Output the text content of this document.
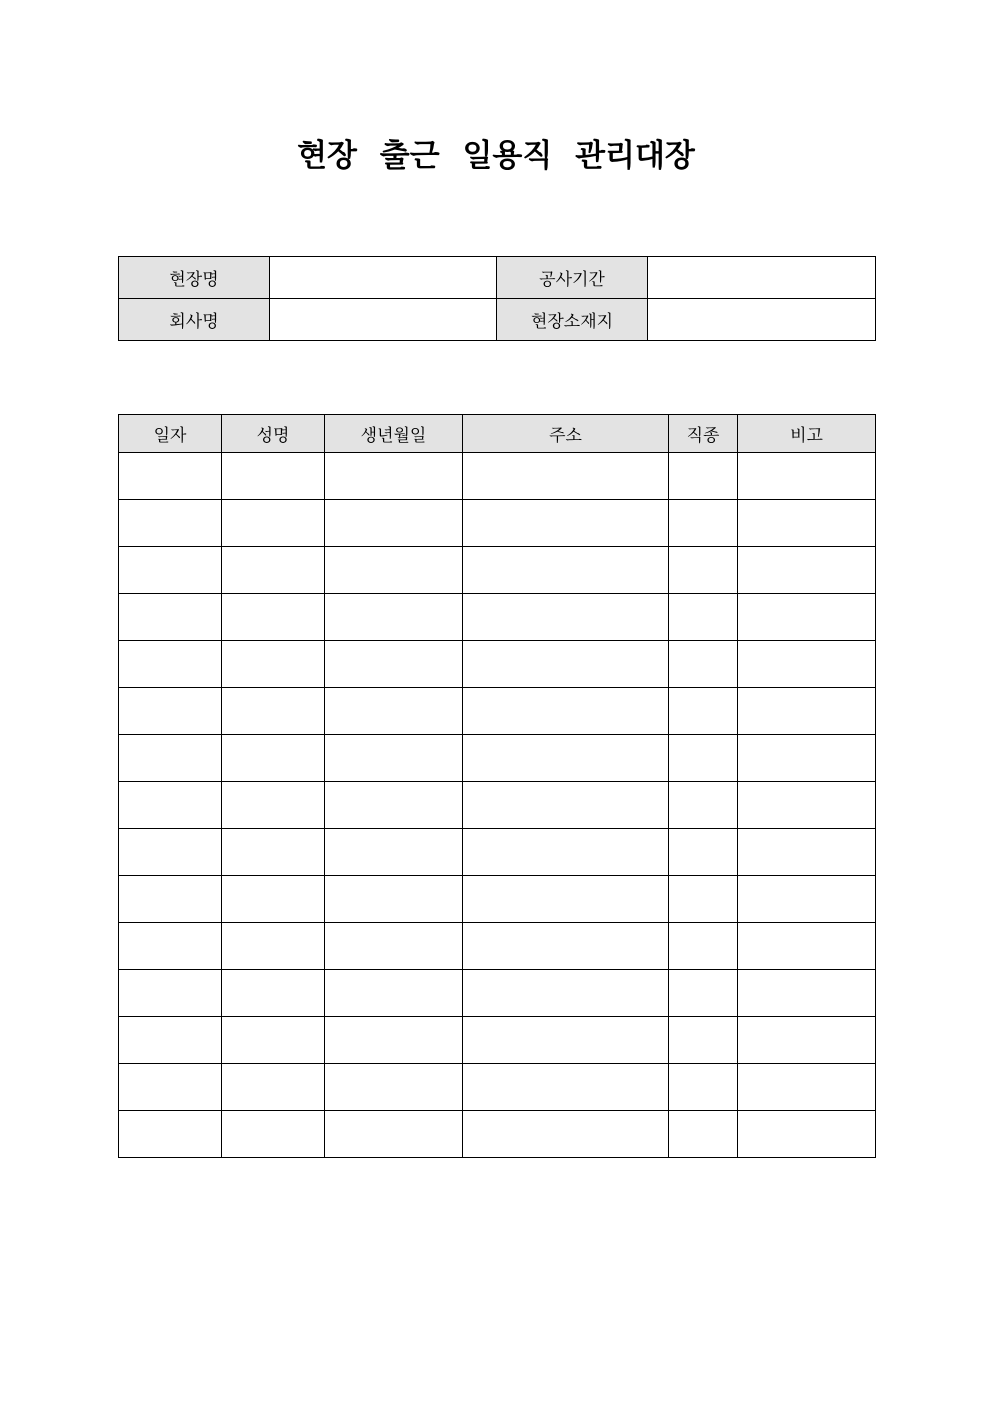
현장 출근 일용직 관리대장
현장명		공사기간	
회사명		현장소재지	
일자	성명	생년월일	주소	직종	비고
